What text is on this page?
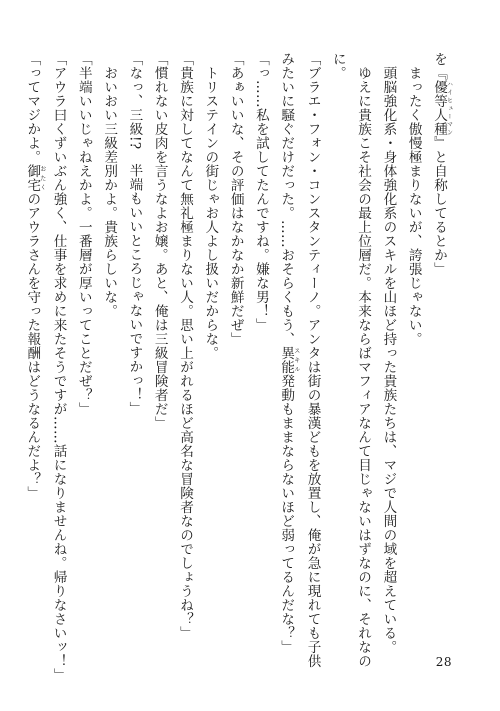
を『優等人種ハイヒューマン』と自称してるとか」
　まったく傲慢極まりないが、誇張じゃない。
　頭脳強化系・身体強化系のスキルを山ほど持った貴族たちは、マジで人間の域を超えている。
　ゆえに貴族こそ社会の最上位層だ。本来ならばマフィアなんて目じゃないはずなのに、それなの
に。
「ブラエ・フォン・コンスタンティーノ。アンタは街の暴漢どもを放置し、俺が急に現れても子供
みたいに騒ぐだけだった。……おそらくもう、異能スキル発動もままならないほど弱ってるんだな？」
「っ……私を試してたんですね。嫌な男！」
「あぁいいな、その評価はなかなか新鮮だぜ」
　トリステインの街じゃお人よし扱いだからな。
「貴族に対してなんて無礼極まりない人。思い上がれるほど高名な冒険者なのでしょうね？」
「慣れない皮肉を言うなよお嬢。あと、俺は三級冒険者だ」
「なっ、三級!?　半端もいいところじゃないですかっ！」
　おいおい三級差別かよ。貴族らしいな。
「半端いいじゃねえかよ。一番層が厚いってことだぜ？」
「アウラ曰くずいぶん強く、仕事を求めに来たそうですが……話になりませんね。帰りなさいッ！」
「ってマジかよ。御宅おたくのアウラさんを守った報酬はどうなるんだよ？」
28
